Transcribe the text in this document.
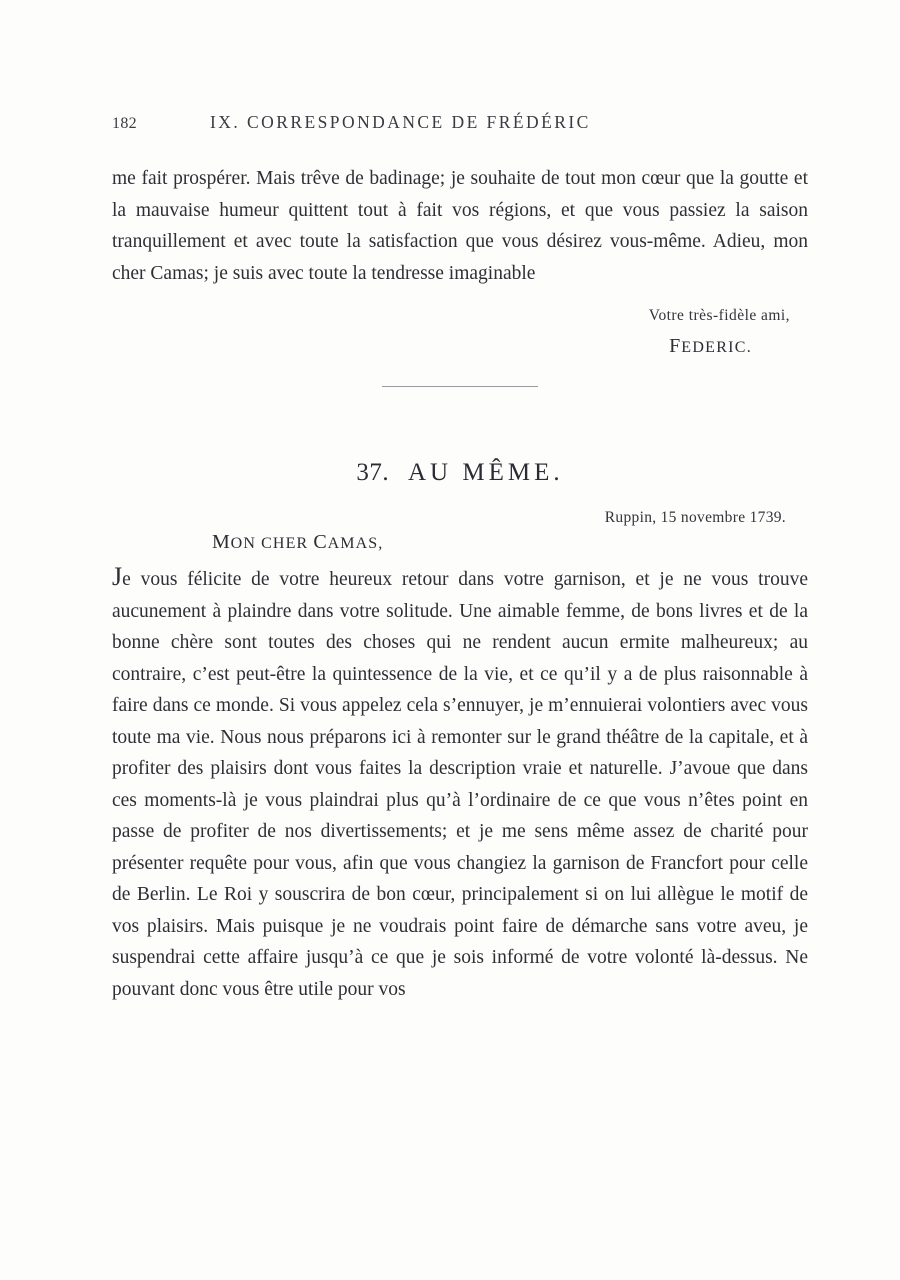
182	IX. CORRESPONDANCE DE FRÉDÉRIC

me fait prospérer. Mais trêve de badinage; je souhaite de tout mon cœur que la goutte et la mauvaise humeur quittent tout à fait vos régions, et que vous passiez la saison tranquillement et avec toute la satisfaction que vous désirez vous-même. Adieu, mon cher Camas; je suis avec toute la tendresse imaginable

Votre très-fidèle ami,
FEDERIC.
37. AU MÊME.
Ruppin, 15 novembre 1739.
MON CHER CAMAS,

Je vous félicite de votre heureux retour dans votre garnison, et je ne vous trouve aucunement à plaindre dans votre solitude. Une aimable femme, de bons livres et de la bonne chère sont toutes des choses qui ne rendent aucun ermite malheureux; au contraire, c’est peut-être la quintessence de la vie, et ce qu’il y a de plus raisonnable à faire dans ce monde. Si vous appelez cela s’ennuyer, je m’ennuierai volontiers avec vous toute ma vie. Nous nous préparons ici à remonter sur le grand théâtre de la capitale, et à profiter des plaisirs dont vous faites la description vraie et naturelle. J’avoue que dans ces moments-là je vous plaindrai plus qu’à l’ordinaire de ce que vous n’êtes point en passe de profiter de nos divertissements; et je me sens même assez de charité pour présenter requête pour vous, afin que vous changiez la garnison de Francfort pour celle de Berlin. Le Roi y souscrira de bon cœur, principalement si on lui allègue le motif de vos plaisirs. Mais puisque je ne voudrais point faire de démarche sans votre aveu, je suspendrai cette affaire jusqu’à ce que je sois informé de votre volonté là-dessus. Ne pouvant donc vous être utile pour vos
